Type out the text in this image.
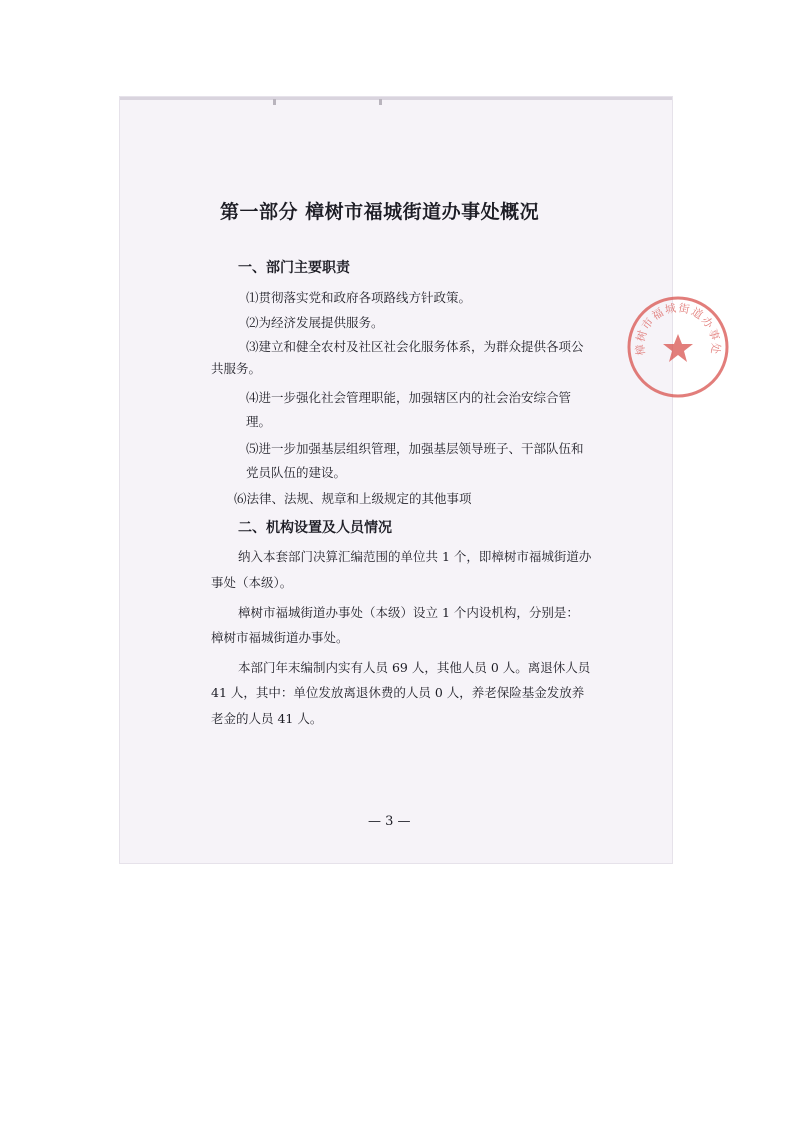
第一部分 樟树市福城街道办事处概况
樟树市福城街道办事处
一、部门主要职责

⑴贯彻落实党和政府各项路线方针政策。

⑵为经济发展提供服务。

⑶建立和健全农村及社区社会化服务体系，为群众提供各项公

共服务。

⑷进一步强化社会管理职能，加强辖区内的社会治安综合管

理。

⑸进一步加强基层组织管理，加强基层领导班子、干部队伍和

党员队伍的建设。

⑹法律、法规、规章和上级规定的其他事项

二、机构设置及人员情况

纳入本套部门决算汇编范围的单位共 1 个，即樟树市福城街道办

事处（本级）。

樟树市福城街道办事处（本级）设立 1 个内设机构，分别是：

樟树市福城街道办事处。

本部门年末编制内实有人员 69 人，其他人员 0 人。离退休人员

41 人，其中：单位发放离退休费的人员 0 人，养老保险基金发放养

老金的人员 41 人。

— 3 —
